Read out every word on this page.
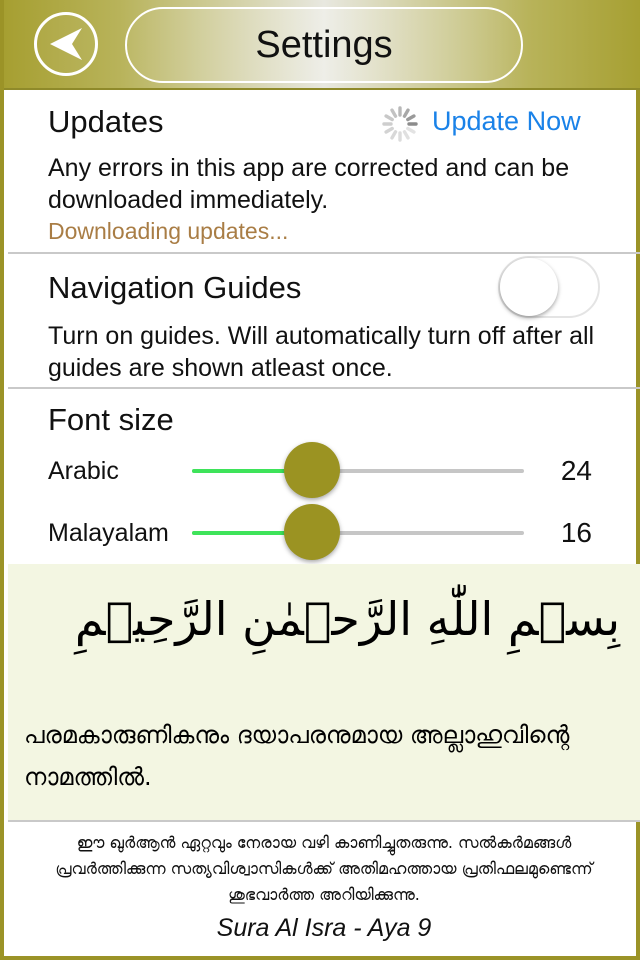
Settings
Updates	Update Now
Any errors in this app are corrected and can be downloaded immediately.
Downloading updates...
Navigation Guides
Turn on guides. Will automatically turn off after all guides are shown atleast once.
Font size
Arabic	24
Malayalam	16
بِسۡمِ اللّٰهِ الرَّحۡمٰنِ الرَّحِيۡمِ
പരമകാരുണികനും ദയാപരനുമായ അല്ലാഹുവിന്റെ നാമത്തിൽ.
ഈ ഖുര്‍ആന്‍ ഏറ്റവും നേരായ വഴി കാണിച്ചുതരുന്നു. സല്‍കര്‍മങ്ങള്‍ പ്രവര്‍ത്തിക്കുന്ന സത്യവിശ്വാസികള്‍ക്ക് അതിമഹത്തായ പ്രതിഫലമുണ്ടെന്ന് ശുഭവാര്‍ത്ത അറിയിക്കുന്നു.
Sura Al Isra - Aya 9
